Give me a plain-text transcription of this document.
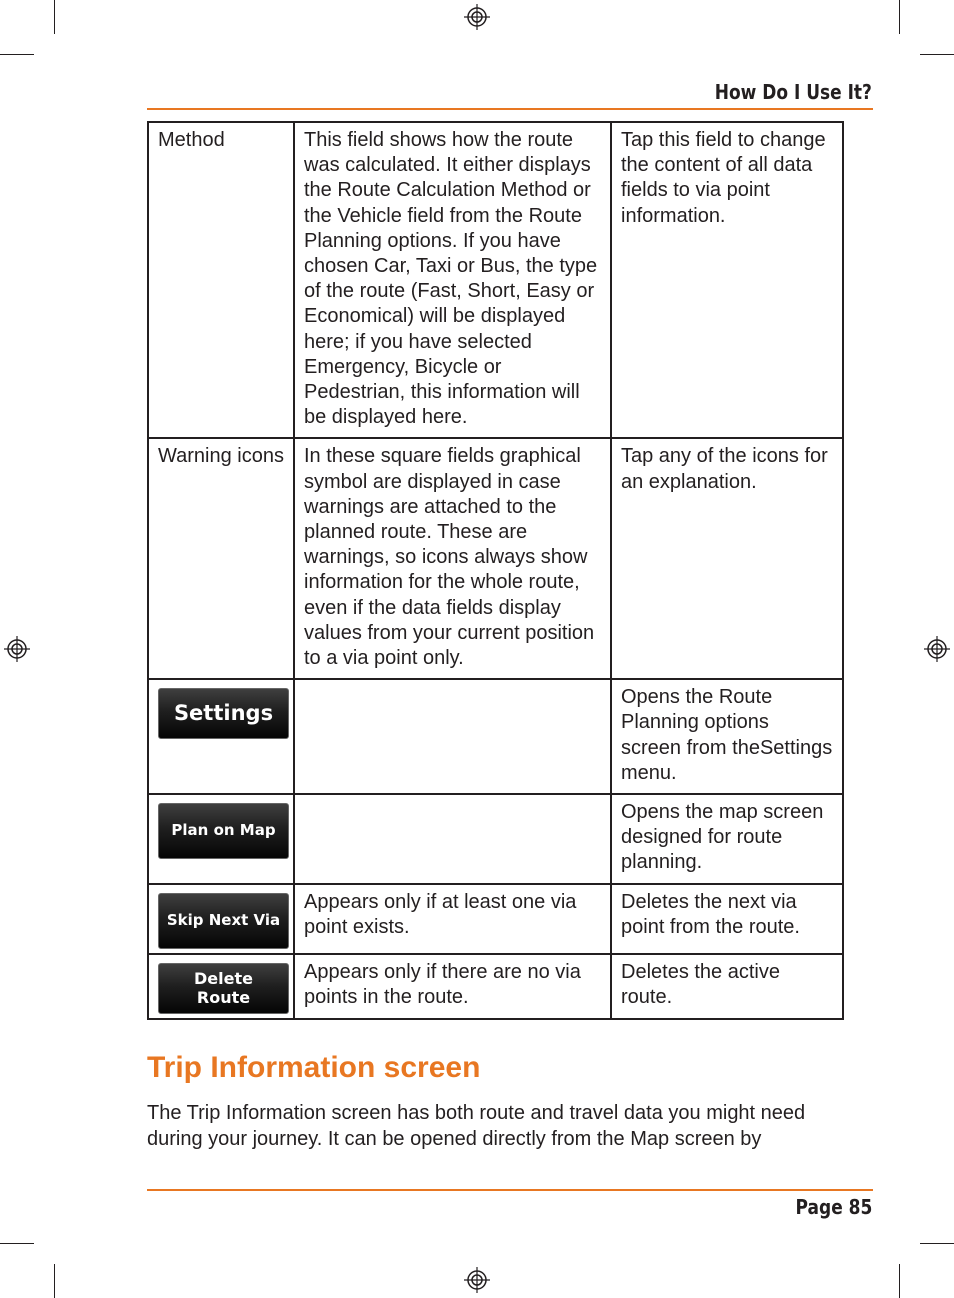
How Do I Use It?
Method	This field shows how the route was calculated. It either displays the Route Calculation Method or the Vehicle field from the Route Planning options. If you have chosen Car, Taxi or Bus, the type of the route (Fast, Short, Easy or Economical) will be displayed here; if you have selected Emergency, Bicycle or Pedestrian, this information will be displayed here.	Tap this field to change the content of all data fields to via point information.
Warning icons	In these square fields graphical symbol are displayed in case warnings are attached to the planned route. These are warnings, so icons always show information for the whole route, even if the data fields display values from your current position to a via point only.	Tap any of the icons for an explanation.

Settings		Opens the Route Planning options screen from theSettings menu.

Plan on Map		Opens the map screen designed for route planning.

Skip Next Via	Appears only if at least one via point exists.	Deletes the next via point from the route.

Delete
Route	Appears only if there are no via points in the route.	Deletes the active route.
Trip Information screen

The Trip Information screen has both route and travel data you might need during your journey. It can be opened directly from the Map screen by

Page 85
